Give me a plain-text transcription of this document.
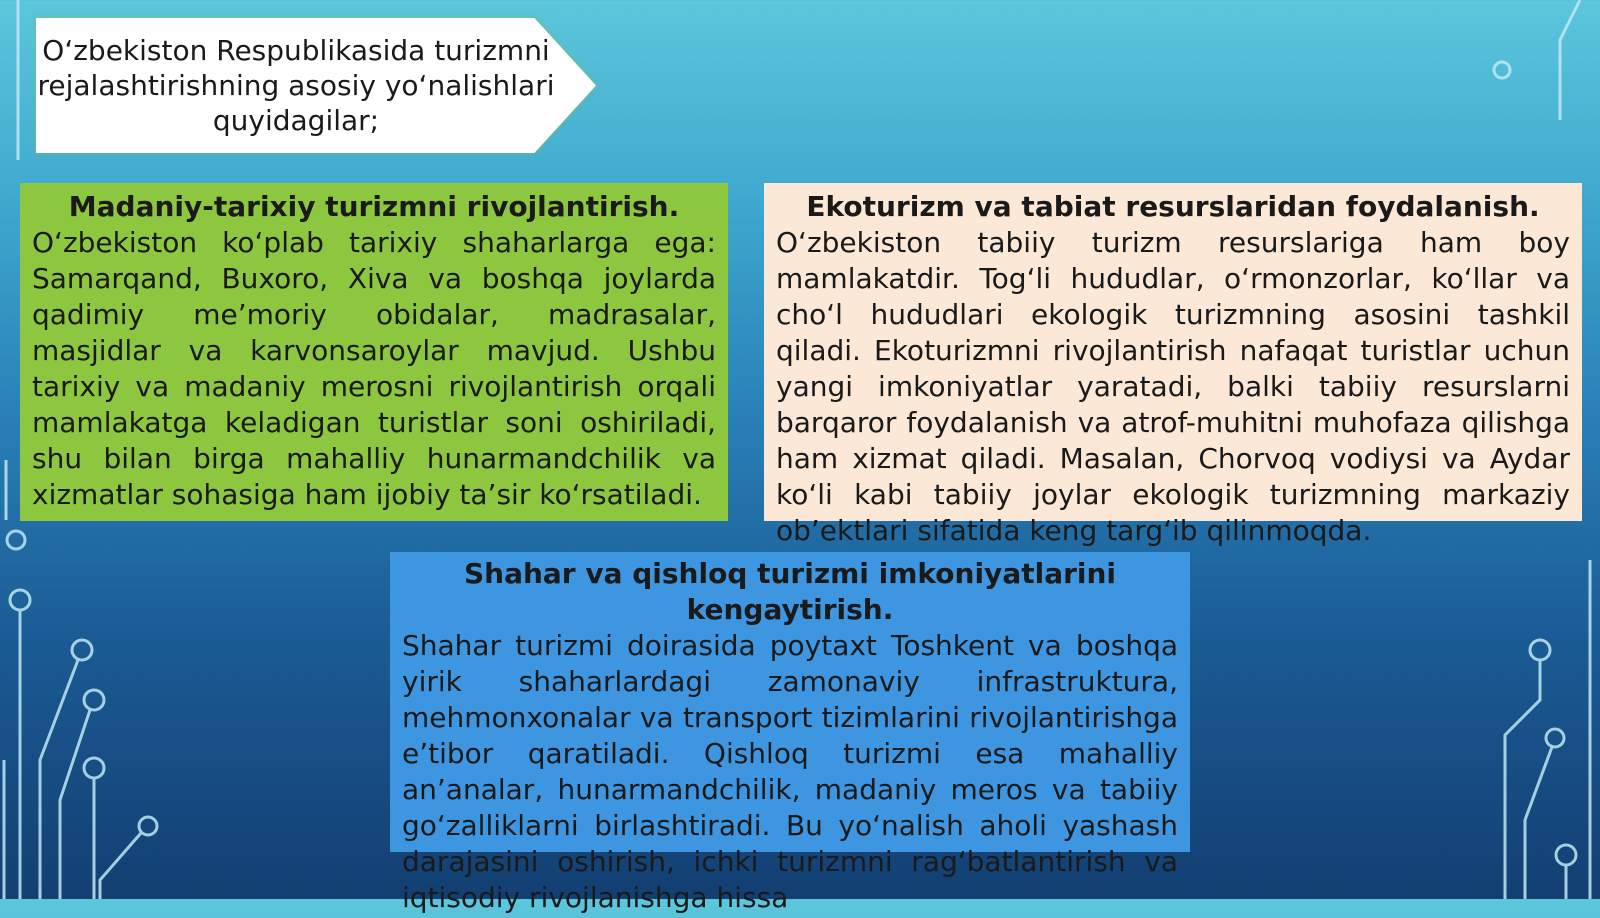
O‘zbekiston Respublikasida turizmni rejalashtirishning asosiy yo‘nalishlari quyidagilar;
Madaniy-tarixiy turizmni rivojlantirish.

O‘zbekiston ko‘plab tarixiy shaharlarga ega: Samarqand, Buxoro, Xiva va boshqa joylarda qadimiy me’moriy obidalar, madrasalar, masjidlar va karvonsaroylar mavjud. Ushbu tarixiy va madaniy merosni rivojlantirish orqali mamlakatga keladigan turistlar soni oshiriladi, shu bilan birga mahalliy hunarmandchilik va xizmatlar sohasiga ham ijobiy ta’sir ko‘rsatiladi.

Ekoturizm va tabiat resurslaridan foydalanish.

O‘zbekiston tabiiy turizm resurslariga ham boy mamlakatdir. Tog‘li hududlar, o‘rmonzorlar, ko‘llar va cho‘l hududlari ekologik turizmning asosini tashkil qiladi. Ekoturizmni rivojlantirish nafaqat turistlar uchun yangi imkoniyatlar yaratadi, balki tabiiy resurslarni barqaror foydalanish va atrof-muhitni muhofaza qilishga ham xizmat qiladi. Masalan, Chorvoq vodiysi va Aydar ko‘li kabi tabiiy joylar ekologik turizmning markaziy ob’ektlari sifatida keng targ‘ib qilinmoqda.

Shahar va qishloq turizmi imkoniyatlarini kengaytirish.

Shahar turizmi doirasida poytaxt Toshkent va boshqa yirik shaharlardagi zamonaviy infrastruktura, mehmonxonalar va transport tizimlarini rivojlantirishga e’tibor qaratiladi. Qishloq turizmi esa mahalliy an’analar, hunarmandchilik, madaniy meros va tabiiy go‘zalliklarni birlashtiradi. Bu yo‘nalish aholi yashash darajasini oshirish, ichki turizmni rag‘batlantirish va iqtisodiy rivojlanishga hissa
